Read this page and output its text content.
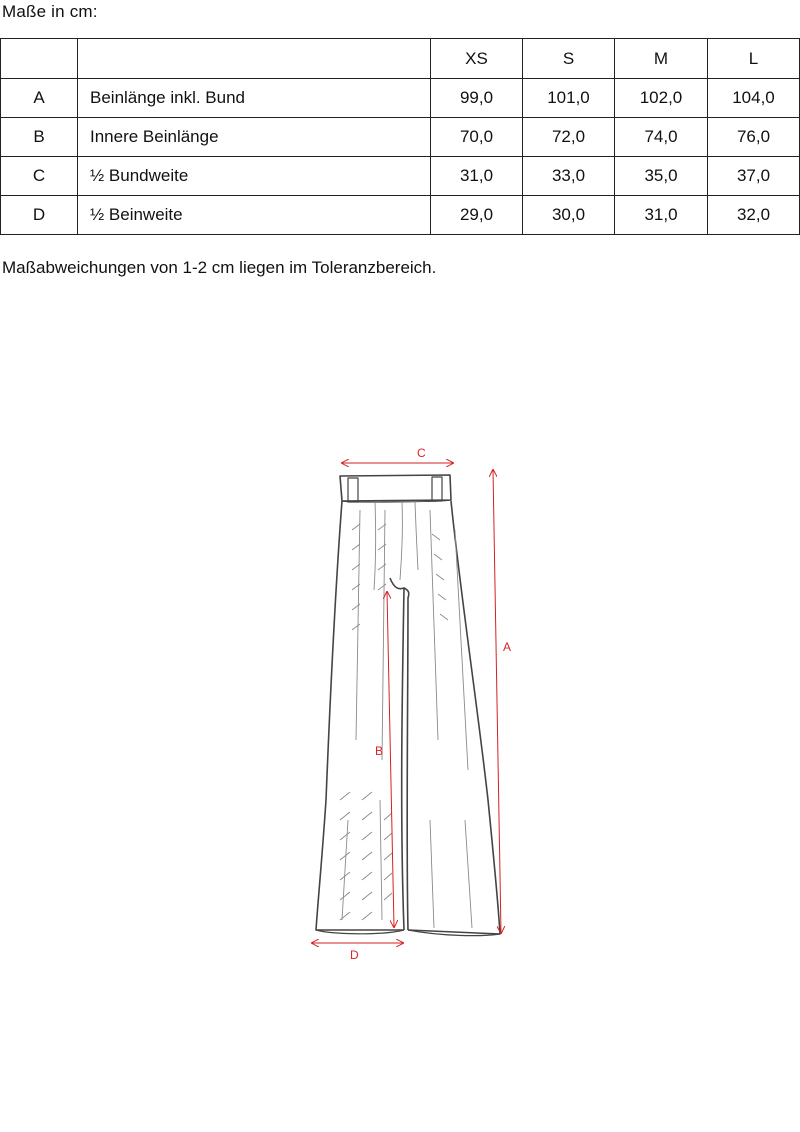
Maße in cm:
		XS	S	M	L
A	Beinlänge inkl. Bund	99,0	101,0	102,0	104,0
B	Innere Beinlänge	70,0	72,0	74,0	76,0
C	½ Bundweite	31,0	33,0	35,0	37,0
D	½ Beinweite	29,0	30,0	31,0	32,0
Maßabweichungen von 1-2 cm liegen im Toleranzbereich.
C
A
B
D
